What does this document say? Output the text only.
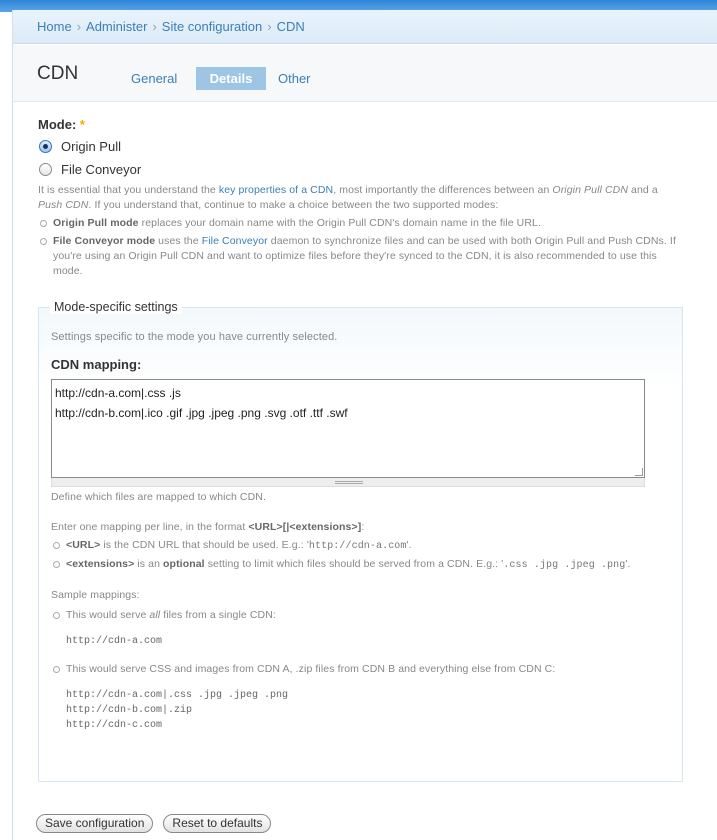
Home › Administer › Site configuration › CDN
CDN	General	Details	Other
Mode: *
Origin Pull
File Conveyor
It is essential that you understand the key properties of a CDN, most importantly the differences between an Origin Pull CDN and a Push CDN. If you understand that, continue to make a choice between the two supported modes:
Origin Pull mode replaces your domain name with the Origin Pull CDN's domain name in the file URL.
File Conveyor mode uses the File Conveyor daemon to synchronize files and can be used with both Origin Pull and Push CDNs. If you're using an Origin Pull CDN and want to optimize files before they're synced to the CDN, it is also recommended to use this mode.
Mode-specific settings
Settings specific to the mode you have currently selected.
CDN mapping:
http://cdn-a.com|.css .js
http://cdn-b.com|.ico .gif .jpg .jpeg .png .svg .otf .ttf .swf
Define which files are mapped to which CDN.
Enter one mapping per line, in the format <URL>[|<extensions>]:
<URL> is the CDN URL that should be used. E.g.: 'http://cdn-a.com'.
<extensions> is an optional setting to limit which files should be served from a CDN. E.g.: '.css .jpg .jpeg .png'.
Sample mappings:
This would serve all files from a single CDN:
http://cdn-a.com
This would serve CSS and images from CDN A, .zip files from CDN B and everything else from CDN C:
http://cdn-a.com|.css .jpg .jpeg .png
http://cdn-b.com|.zip
http://cdn-c.com
Save configuration	Reset to defaults
